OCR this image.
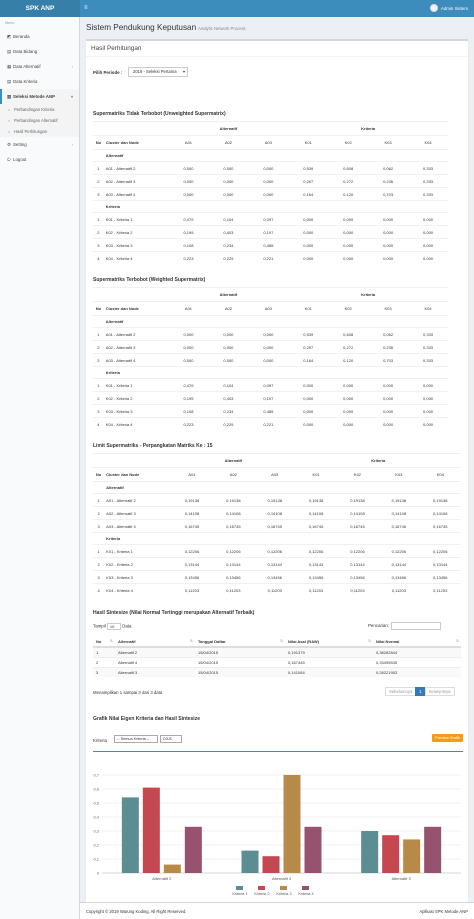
SPK ANP	≡	Admin Sistem
Menu
◩ Beranda
▤ Data Bidang
▦ Data Alternatif	‹
▤ Data Kriteria
▥ Seleksi Metode ANP	▾
○ Perbandingan Kriteria
○ Perbandingan Alternatif
○ Hasil Perhitungan
⚙ Setting	‹
⏻ Logout
Sistem Pendukung Keputusan Analytic Network Process
Hasil Perhitungan
Pilih Periode :	2019 - Seleksi Pertama ▾
Supermatriks Tidak Terbobot (Unweighted Supermatrix)
		Alternatif			Kriteria			
No	Cluster dan Node	A01	A02	A03	K01	K02	K03	K04
	Alternatif							
1	A01 - Alternatif 2	0,000	0,000	0,000	0,539	0,608	0,062	0,333
2	A02 - Alternatif 3	0,000	0,000	0,000	0,297	0,272	0,236	0,333
3	A03 - Alternatif 4	0,000	0,000	0,000	0,164	0,120	0,703	0,333
	Kriteria							
1	K01 - Kriteria 1	0,479	0,104	0,097	0,000	0,000	0,000	0,000
2	K02 - Kriteria 2	0,195	0,403	0,197	0,000	0,000	0,000	0,000
3	K03 - Kriteria 3	0,108	0,234	0,485	0,000	0,000	0,000	0,000
4	K04 - Kriteria 4	0,223	0,229	0,221	0,000	0,000	0,000	0,000
Supermatriks Terbobot (Weighted Supermatrix)
		Alternatif			Kriteria			
No	Cluster dan Node	A01	A02	A03	K01	K02	K03	K04
	Alternatif							
1	A01 - Alternatif 2	0,000	0,000	0,000	0,539	0,608	0,062	0,333
2	A02 - Alternatif 3	0,000	0,000	0,000	0,297	0,272	0,236	0,333
3	A03 - Alternatif 4	0,000	0,000	0,000	0,164	0,120	0,703	0,333
	Kriteria							
1	K01 - Kriteria 1	0,479	0,104	0,097	0,000	0,000	0,000	0,000
2	K02 - Kriteria 2	0,195	0,403	0,197	0,000	0,000	0,000	0,000
3	K03 - Kriteria 3	0,108	0,234	0,485	0,000	0,000	0,000	0,000
4	K04 - Kriteria 4	0,223	0,229	0,221	0,000	0,000	0,000	0,000
Limit Supermatriks - Perpangkatan Matriks Ke : 15
		Alternatif			Kriteria			
No	Cluster dan Node	A01	A02	A03	K01	K02	K03	K04
	Alternatif							
1	A01 - Alternatif 2	0,19138	0,19138	0,19138	0,19138	0,19138	0,19138	0,19138
2	A02 - Alternatif 3	0,14108	0,14108	0,14108	0,14108	0,14108	0,14108	0,14108
3	A03 - Alternatif 4	0,16745	0,16745	0,16745	0,16745	0,16745	0,16745	0,16745
	Kriteria							
1	K01 - Kriteria 1	0,12206	0,12206	0,12206	0,12206	0,12206	0,12206	0,12206
2	K02 - Kriteria 2	0,13144	0,13144	0,13144	0,13144	0,13144	0,13144	0,13144
3	K03 - Kriteria 3	0,13456	0,13456	0,13456	0,13456	0,13456	0,13456	0,13456
4	K04 - Kriteria 4	0,11203	0,11203	0,11203	0,11203	0,11203	0,11203	0,11203
Hasil Sintesize (Nilai Normal Tertinggi merupakan Alternatif Terbaik)
Tampil 10 Data	Pencarian:
No ⇅	Alternatif ⇅	Tanggal Daftar ⇅	Nilai Asal (RAW) ⇅	Nilai Normal ⇅

1	Alternatif 2	15/04/2015	0,191379	0,38282844
2	Alternatif 4	15/04/2015	0,167445	0,33495535
3	Alternatif 3	15/04/2015	0,141084	0,28221953
Menampilkan 1 sampai 3 dari 3 data	Sebelumnya	1	Selanjutnya
Grafik Nilai Eigen Kriteria dan Hasil Sintesize
Kriteria	-- Semua Kriteria --	D3JC	Preview Grafik
0
0,1
0,2
0,3
0,4
0,5
0,6
0,7
Alternatif 2	Alternatif 4	Alternatif 3
Kriteria 1 Kriteria 2 Kriteria 3 Kriteria 4
Copyright © 2019 Warung Koding. All Right Reserved.	Aplikasi SPK Metode ANP
